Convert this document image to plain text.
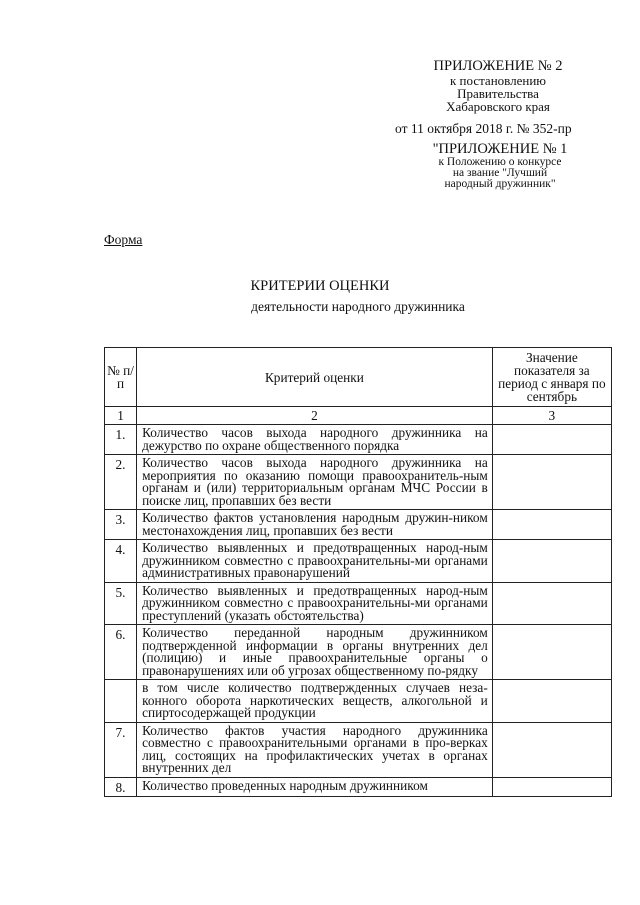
ПРИЛОЖЕНИЕ № 2
к постановлению
Правительства
Хабаровского края
от 11 октября 2018 г. № 352-пр
"ПРИЛОЖЕНИЕ № 1
к Положению о конкурсе
на звание "Лучший
народный дружинник"
Форма
КРИТЕРИИ ОЦЕНКИ
деятельности народного дружинника
№ п/п	Критерий оценки	Значение показателя за период с января по сентябрь
1	2	3
1.	Количество часов выхода народного дружинника на дежурство по охране общественного порядка	
2.	Количество часов выхода народного дружинника на мероприятия по оказанию помощи правоохранитель-ным органам и (или) территориальным органам МЧС России в поиске лиц, пропавших без вести	
3.	Количество фактов установления народным дружин-ником местонахождения лиц, пропавших без вести	
4.	Количество выявленных и предотвращенных народ-ным дружинником совместно с правоохранительны-ми органами административных правонарушений	
5.	Количество выявленных и предотвращенных народ-ным дружинником совместно с правоохранительны-ми органами преступлений (указать обстоятельства)	
6.	Количество переданной народным дружинником подтвержденной информации в органы внутренних дел (полицию) и иные правоохранительные органы о правонарушениях или об угрозах общественному по-рядку	
	в том числе количество подтвержденных случаев неза-конного оборота наркотических веществ, алкогольной и спиртосодержащей продукции	
7.	Количество фактов участия народного дружинника совместно с правоохранительными органами в про-верках лиц, состоящих на профилактических учетах в органах внутренних дел	
8.	Количество проведенных народным дружинником	
